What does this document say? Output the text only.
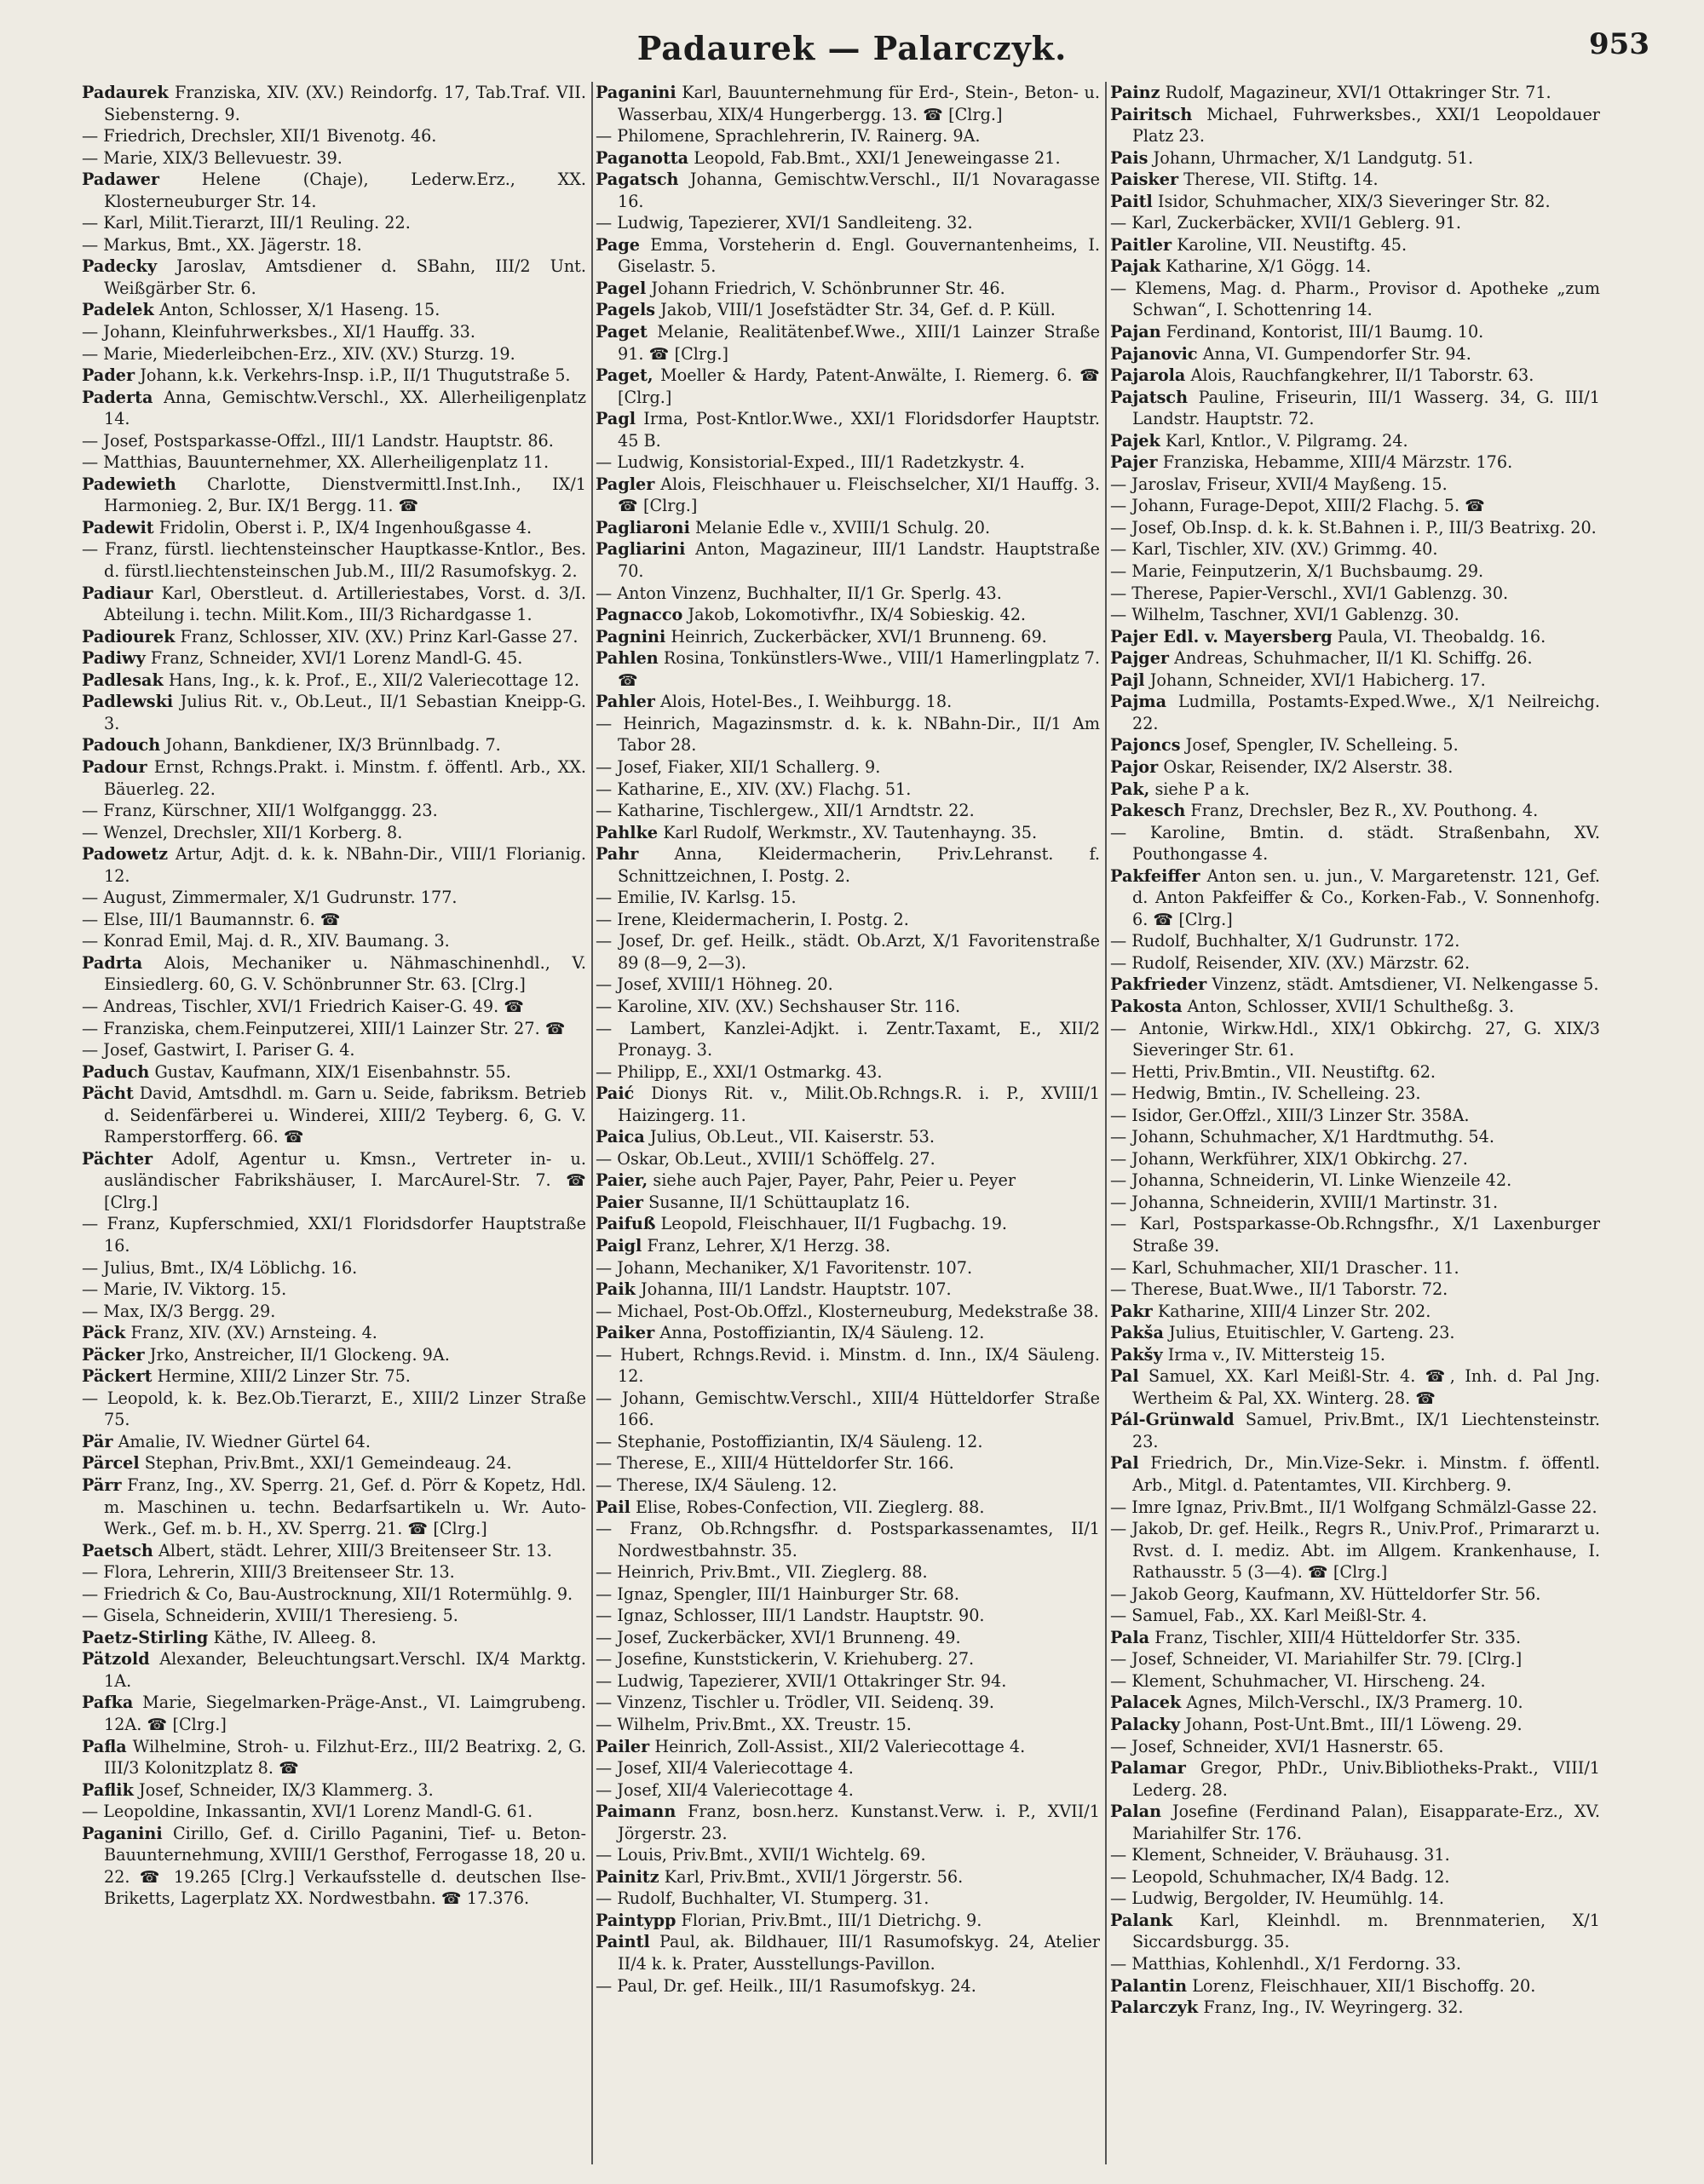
Padaurek — Palarczyk.	953
Padaurek Franziska, XIV. (XV.) Reindorfg. 17, Tab.Traf. VII. Siebensterng. 9.
— Friedrich, Drechsler, XII/1 Bivenotg. 46.
— Marie, XIX/3 Bellevuestr. 39.
Padawer	Helene (Chaje), Lederw.Erz., XX. Klosterneuburger Str. 14.
— Karl, Milit.Tierarzt, III/1 Reuling. 22.
— Markus, Bmt., XX. Jägerstr. 18.
Padecky Jaroslav, Amtsdiener d. SBahn, III/2 Unt. Weißgärber Str. 6.
Padelek Anton, Schlosser, X/1 Haseng. 15.
— Johann, Kleinfuhrwerksbes., XI/1 Hauffg. 33.
— Marie, Miederleibchen-Erz., XIV. (XV.) Sturzg. 19.
Pader Johann, k.k. Verkehrs-Insp. i.P., II/1 Thugutstraße 5.
Paderta Anna, Gemischtw.Verschl., XX. Allerheiligenplatz 14.
— Josef, Postsparkasse-Offzl., III/1 Landstr. Hauptstr. 86.
— Matthias, Bauunternehmer, XX. Allerheiligenplatz 11.
Padewieth Charlotte, Dienstvermittl.Inst.Inh., IX/1 Harmonieg. 2, Bur. IX/1 Bergg. 11. ☎
Padewit Fridolin, Oberst i. P., IX/4 Ingenhoußgasse 4.
— Franz, fürstl. liechtensteinscher Hauptkasse-Kntlor., Bes. d. fürstl.liechtensteinschen Jub.M., III/2 Rasumofskyg. 2.
Padiaur Karl, Oberstleut. d. Artilleriestabes, Vorst. d. 3/I. Abteilung i. techn. Milit.Kom., III/3 Richardgasse 1.
Padiourek Franz, Schlosser, XIV. (XV.) Prinz Karl-Gasse 27.
Padiwy Franz, Schneider, XVI/1 Lorenz Mandl-G. 45.
Padlesak Hans, Ing., k. k. Prof., E., XII/2 Valeriecottage 12.
Padlewski Julius Rit. v., Ob.Leut., II/1 Sebastian Kneipp-G. 3.
Padouch Johann, Bankdiener, IX/3 Brünnlbadg. 7.
Padour Ernst, Rchngs.Prakt. i. Minstm. f. öffentl. Arb., XX. Bäuerleg. 22.
— Franz, Kürschner, XII/1 Wolfganggg. 23.
— Wenzel, Drechsler, XII/1 Korberg. 8.
Padowetz Artur, Adjt. d. k. k. NBahn-Dir., VIII/1 Florianig. 12.
— August, Zimmermaler, X/1 Gudrunstr. 177.
— Else, III/1 Baumannstr. 6. ☎
— Konrad Emil, Maj. d. R., XIV. Baumang. 3.
Padrta Alois, Mechaniker u. Nähmaschinenhdl., V. Einsiedlerg. 60, G. V. Schönbrunner Str. 63. [Clrg.]
— Andreas, Tischler, XVI/1 Friedrich Kaiser-G. 49. ☎
— Franziska, chem.Feinputzerei, XIII/1 Lainzer Str. 27. ☎
— Josef, Gastwirt, I. Pariser G. 4.
Paduch Gustav, Kaufmann, XIX/1 Eisenbahnstr. 55.
Pächt David, Amtsdhdl. m. Garn u. Seide, fabriksm. Betrieb d. Seidenfärberei u. Winderei, XIII/2 Teyberg. 6, G. V. Ramperstorfferg. 66. ☎
Pächter Adolf, Agentur u. Kmsn., Vertreter in- u. ausländischer Fabrikshäuser, I. MarcAurel-Str. 7. ☎ [Clrg.]
— Franz, Kupferschmied, XXI/1 Floridsdorfer Hauptstraße 16.
— Julius, Bmt., IX/4 Löblichg. 16.
— Marie, IV. Viktorg. 15.
— Max, IX/3 Bergg. 29.
Päck Franz, XIV. (XV.) Arnsteing. 4.
Päcker Jrko, Anstreicher, II/1 Glockeng. 9A.
Päckert Hermine, XIII/2 Linzer Str. 75.
— Leopold, k. k. Bez.Ob.Tierarzt, E., XIII/2 Linzer Straße 75.
Pär Amalie, IV. Wiedner Gürtel 64.
Pärcel Stephan, Priv.Bmt., XXI/1 Gemeindeaug. 24.
Pärr Franz, Ing., XV. Sperrg. 21, Gef. d. Pörr & Kopetz, Hdl. m. Maschinen u. techn. Bedarfsartikeln u. Wr. Auto-Werk., Gef. m. b. H., XV. Sperrg. 21. ☎ [Clrg.]
Paetsch Albert, städt. Lehrer, XIII/3 Breitenseer Str. 13.
— Flora, Lehrerin, XIII/3 Breitenseer Str. 13.
— Friedrich & Co, Bau-Austrocknung, XII/1 Rotermühlg. 9.
— Gisela, Schneiderin, XVIII/1 Theresieng. 5.
Paetz-Stirling Käthe, IV. Alleeg. 8.
Pätzold Alexander, Beleuchtungsart.Verschl. IX/4 Marktg. 1A.
Pafka Marie, Siegelmarken-Präge-Anst., VI. Laimgrubeng. 12A. ☎ [Clrg.]
Pafla Wilhelmine, Stroh- u. Filzhut-Erz., III/2 Beatrixg. 2, G. III/3 Kolonitzplatz 8. ☎
Paflik Josef, Schneider, IX/3 Klammerg. 3.
— Leopoldine, Inkassantin, XVI/1 Lorenz Mandl-G. 61.
Paganini Cirillo, Gef. d. Cirillo Paganini, Tief- u. Beton-Bauunternehmung, XVIII/1 Gersthof, Ferrogasse 18, 20 u. 22. ☎ 19.265 [Clrg.] Verkaufsstelle d. deutschen Ilse-Briketts, Lagerplatz XX. Nordwestbahn. ☎ 17.376.
Paganini Karl, Bauunternehmung für Erd-, Stein-, Beton- u. Wasserbau, XIX/4 Hungerbergg. 13. ☎ [Clrg.]
— Philomene, Sprachlehrerin, IV. Rainerg. 9A.
Paganotta Leopold, Fab.Bmt., XXI/1 Jeneweingasse 21.
Pagatsch Johanna, Gemischtw.Verschl., II/1 Novaragasse 16.
— Ludwig, Tapezierer, XVI/1 Sandleiteng. 32.
Page Emma, Vorsteherin d. Engl. Gouvernantenheims, I. Giselastr. 5.
Pagel Johann Friedrich, V. Schönbrunner Str. 46.
Pagels Jakob, VIII/1 Josefstädter Str. 34, Gef. d. P. Küll.
Paget Melanie, Realitätenbef.Wwe., XIII/1 Lainzer Straße 91. ☎ [Clrg.]
Paget, Moeller & Hardy, Patent-Anwälte, I. Riemerg. 6. ☎ [Clrg.]
Pagl Irma, Post-Kntlor.Wwe., XXI/1 Floridsdorfer Hauptstr. 45 B.
— Ludwig, Konsistorial-Exped., III/1 Radetzkystr. 4.
Pagler Alois, Fleischhauer u. Fleischselcher, XI/1 Hauffg. 3. ☎ [Clrg.]
Pagliaroni Melanie Edle v., XVIII/1 Schulg. 20.
Pagliarini Anton, Magazineur, III/1 Landstr. Hauptstraße 70.
— Anton Vinzenz, Buchhalter, II/1 Gr. Sperlg. 43.
Pagnacco Jakob, Lokomotivfhr., IX/4 Sobieskig. 42.
Pagnini Heinrich, Zuckerbäcker, XVI/1 Brunneng. 69.
Pahlen Rosina, Tonkünstlers-Wwe., VIII/1 Hamerlingplatz 7. ☎
Pahler Alois, Hotel-Bes., I. Weihburgg. 18.
— Heinrich, Magazinsmstr. d. k. k. NBahn-Dir., II/1 Am Tabor 28.
— Josef, Fiaker, XII/1 Schallerg. 9.
— Katharine, E., XIV. (XV.) Flachg. 51.
— Katharine, Tischlergew., XII/1 Arndtstr. 22.
Pahlke Karl Rudolf, Werkmstr., XV. Tautenhayng. 35.
Pahr Anna, Kleidermacherin, Priv.Lehranst. f. Schnittzeichnen, I. Postg. 2.
— Emilie, IV. Karlsg. 15.
— Irene, Kleidermacherin, I. Postg. 2.
— Josef, Dr. gef. Heilk., städt. Ob.Arzt, X/1 Favoritenstraße 89 (8—9, 2—3).
— Josef, XVIII/1 Höhneg. 20.
— Karoline, XIV. (XV.) Sechshauser Str. 116.
— Lambert, Kanzlei-Adjkt. i. Zentr.Taxamt, E., XII/2 Pronayg. 3.
— Philipp, E., XXI/1 Ostmarkg. 43.
Paić Dionys Rit. v., Milit.Ob.Rchngs.R. i. P., XVIII/1 Haizingerg. 11.
Paica Julius, Ob.Leut., VII. Kaiserstr. 53.
— Oskar, Ob.Leut., XVIII/1 Schöffelg. 27.
Paier, siehe auch Pajer, Payer, Pahr, Peier u. Peyer
Paier Susanne, II/1 Schüttauplatz 16.
Paifuß Leopold, Fleischhauer, II/1 Fugbachg. 19.
Paigl Franz, Lehrer, X/1 Herzg. 38.
— Johann, Mechaniker, X/1 Favoritenstr. 107.
Paik Johanna, III/1 Landstr. Hauptstr. 107.
— Michael, Post-Ob.Offzl., Klosterneuburg, Medekstraße 38.
Paiker Anna, Postoffiziantin, IX/4 Säuleng. 12.
— Hubert, Rchngs.Revid. i. Minstm. d. Inn., IX/4 Säuleng. 12.
— Johann, Gemischtw.Verschl., XIII/4 Hütteldorfer Straße 166.
— Stephanie, Postoffiziantin, IX/4 Säuleng. 12.
— Therese, E., XIII/4 Hütteldorfer Str. 166.
— Therese, IX/4 Säuleng. 12.
Pail Elise, Robes-Confection, VII. Zieglerg. 88.
— Franz, Ob.Rchngsfhr. d. Postsparkassenamtes, II/1 Nordwestbahnstr. 35.
— Heinrich, Priv.Bmt., VII. Zieglerg. 88.
— Ignaz, Spengler, III/1 Hainburger Str. 68.
— Ignaz, Schlosser, III/1 Landstr. Hauptstr. 90.
— Josef, Zuckerbäcker, XVI/1 Brunneng. 49.
— Josefine, Kunststickerin, V. Kriehuberg. 27.
— Ludwig, Tapezierer, XVII/1 Ottakringer Str. 94.
— Vinzenz, Tischler u. Trödler, VII. Seidenq. 39.
— Wilhelm, Priv.Bmt., XX. Treustr. 15.
Pailer Heinrich, Zoll-Assist., XII/2 Valeriecottage 4.
— Josef, XII/4 Valeriecottage 4.
— Josef, XII/4 Valeriecottage 4.
Paimann Franz, bosn.herz. Kunstanst.Verw. i. P., XVII/1 Jörgerstr. 23.
— Louis, Priv.Bmt., XVII/1 Wichtelg. 69.
Painitz Karl, Priv.Bmt., XVII/1 Jörgerstr. 56.
— Rudolf, Buchhalter, VI. Stumperg. 31.
Paintypp Florian, Priv.Bmt., III/1 Dietrichg. 9.
Paintl Paul, ak. Bildhauer, III/1 Rasumofskyg. 24, Atelier II/4 k. k. Prater, Ausstellungs-Pavillon.
— Paul, Dr. gef. Heilk., III/1 Rasumofskyg. 24.
Painz Rudolf, Magazineur, XVI/1 Ottakringer Str. 71.
Pairitsch Michael, Fuhrwerksbes., XXI/1 Leopoldauer Platz 23.
Pais Johann, Uhrmacher, X/1 Landgutg. 51.
Paisker Therese, VII. Stiftg. 14.
Paitl Isidor, Schuhmacher, XIX/3 Sieveringer Str. 82.
— Karl, Zuckerbäcker, XVII/1 Geblerg. 91.
Paitler Karoline, VII. Neustiftg. 45.
Pajak Katharine, X/1 Gögg. 14.
— Klemens, Mag. d. Pharm., Provisor d. Apotheke „zum Schwan“, I. Schottenring 14.
Pajan Ferdinand, Kontorist, III/1 Baumg. 10.
Pajanovic Anna, VI. Gumpendorfer Str. 94.
Pajarola Alois, Rauchfangkehrer, II/1 Taborstr. 63.
Pajatsch Pauline, Friseurin, III/1 Wasserg. 34, G. III/1 Landstr. Hauptstr. 72.
Pajek Karl, Kntlor., V. Pilgramg. 24.
Pajer Franziska, Hebamme, XIII/4 Märzstr. 176.
— Jaroslav, Friseur, XVII/4 Mayßeng. 15.
— Johann, Furage-Depot, XIII/2 Flachg. 5. ☎
— Josef, Ob.Insp. d. k. k. St.Bahnen i. P., III/3 Beatrixg. 20.
— Karl, Tischler, XIV. (XV.) Grimmg. 40.
— Marie, Feinputzerin, X/1 Buchsbaumg. 29.
— Therese, Papier-Verschl., XVI/1 Gablenzg. 30.
— Wilhelm, Taschner, XVI/1 Gablenzg. 30.
Pajer Edl. v. Mayersberg Paula, VI. Theobaldg. 16.
Pajger Andreas, Schuhmacher, II/1 Kl. Schiffg. 26.
Pajl Johann, Schneider, XVI/1 Habicherg. 17.
Pajma Ludmilla, Postamts-Exped.Wwe., X/1 Neilreichg. 22.
Pajoncs Josef, Spengler, IV. Schelleing. 5.
Pajor Oskar, Reisender, IX/2 Alserstr. 38.
Pak, siehe P a k.
Pakesch Franz, Drechsler, Bez R., XV. Pouthong. 4.
— Karoline, Bmtin. d. städt. Straßenbahn, XV. Pouthongasse 4.
Pakfeiffer Anton sen. u. jun., V. Margaretenstr. 121, Gef. d. Anton Pakfeiffer & Co., Korken-Fab., V. Sonnenhofg. 6. ☎ [Clrg.]
— Rudolf, Buchhalter, X/1 Gudrunstr. 172.
— Rudolf, Reisender, XIV. (XV.) Märzstr. 62.
Pakfrieder Vinzenz, städt. Amtsdiener, VI. Nelkengasse 5.
Pakosta Anton, Schlosser, XVII/1 Schultheßg. 3.
— Antonie, Wirkw.Hdl., XIX/1 Obkirchg. 27, G. XIX/3 Sieveringer Str. 61.
— Hetti, Priv.Bmtin., VII. Neustiftg. 62.
— Hedwig, Bmtin., IV. Schelleing. 23.
— Isidor, Ger.Offzl., XIII/3 Linzer Str. 358A.
— Johann, Schuhmacher, X/1 Hardtmuthg. 54.
— Johann, Werkführer, XIX/1 Obkirchg. 27.
— Johanna, Schneiderin, VI. Linke Wienzeile 42.
— Johanna, Schneiderin, XVIII/1 Martinstr. 31.
— Karl, Postsparkasse-Ob.Rchngsfhr., X/1 Laxenburger Straße 39.
— Karl, Schuhmacher, XII/1 Draschег. 11.
— Therese, Buat.Wwe., II/1 Taborstr. 72.
Pakr Katharine, XIII/4 Linzer Str. 202.
Pakša Julius, Etuitischler, V. Garteng. 23.
Pakšy Irma v., IV. Mittersteig 15.
Pal Samuel, XX. Karl Meißl-Str. 4. ☎, Inh. d. Pal Jng. Wertheim & Pal, XX. Winterg. 28. ☎
Pál-Grünwald Samuel, Priv.Bmt., IX/1 Liechtensteinstr. 23.
Pal Friedrich, Dr., Min.Vize-Sekr. i. Minstm. f. öffentl. Arb., Mitgl. d. Patentamtes, VII. Kirchberg. 9.
— Imre Ignaz, Priv.Bmt., II/1 Wolfgang Schmälzl-Gasse 22.
— Jakob, Dr. gef. Heilk., Regrs R., Univ.Prof., Primararzt u. Rvst. d. I. mediz. Abt. im Allgem. Krankenhause, I. Rathausstr. 5 (3—4). ☎ [Clrg.]
— Jakob Georg, Kaufmann, XV. Hütteldorfer Str. 56.
— Samuel, Fab., XX. Karl Meißl-Str. 4.
Pala Franz, Tischler, XIII/4 Hütteldorfer Str. 335.
— Josef, Schneider, VI. Mariahilfer Str. 79. [Clrg.]
— Klement, Schuhmacher, VI. Hirscheng. 24.
Palacek Agnes, Milch-Verschl., IX/3 Pramerg. 10.
Palacky Johann, Post-Unt.Bmt., III/1 Löweng. 29.
— Josef, Schneider, XVI/1 Hasnerstr. 65.
Palamar Gregor, PhDr., Univ.Bibliotheks-Prakt., VIII/1 Lederg. 28.
Palan Josefine (Ferdinand Palan), Eisapparate-Erz., XV. Mariahilfer Str. 176.
— Klement, Schneider, V. Bräuhausg. 31.
— Leopold, Schuhmacher, IX/4 Badg. 12.
— Ludwig, Bergolder, IV. Heumühlg. 14.
Palank Karl, Kleinhdl. m. Brennmaterien, X/1 Siccardsburgg. 35.
— Matthias, Kohlenhdl., X/1 Ferdorng. 33.
Palantin Lorenz, Fleischhauer, XII/1 Bischoffg. 20.
Palarczyk Franz, Ing., IV. Weyringerg. 32.
